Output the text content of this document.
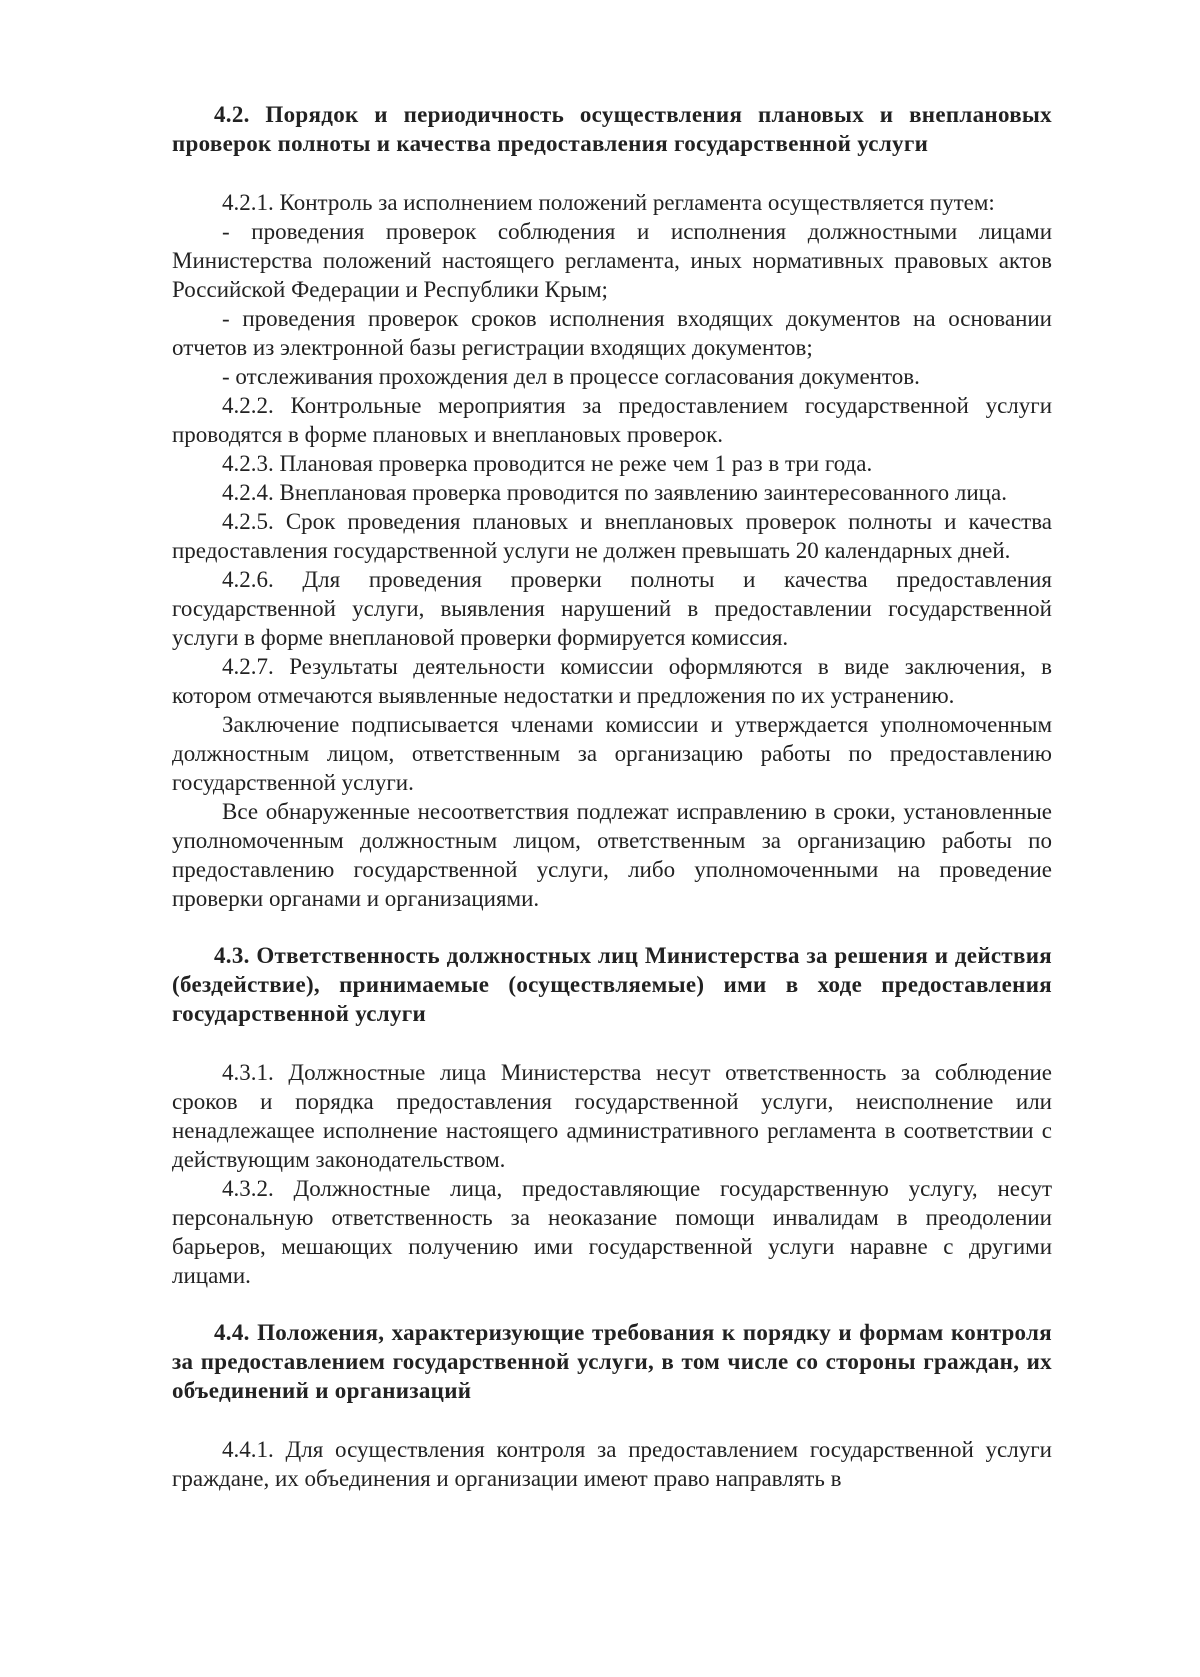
4.2. Порядок и периодичность осуществления плановых и внеплановых проверок полноты и качества предоставления государственной услуги

4.2.1. Контроль за исполнением положений регламента осуществляется путем:

- проведения проверок соблюдения и исполнения должностными лицами Министерства положений настоящего регламента, иных нормативных правовых актов Российской Федерации и Республики Крым;

- проведения проверок сроков исполнения входящих документов на основании отчетов из электронной базы регистрации входящих документов;

- отслеживания прохождения дел в процессе согласования документов.

4.2.2. Контрольные мероприятия за предоставлением государственной услуги проводятся в форме плановых и внеплановых проверок.

4.2.3. Плановая проверка проводится не реже чем 1 раз в три года.

4.2.4. Внеплановая проверка проводится по заявлению заинтересованного лица.

4.2.5. Срок проведения плановых и внеплановых проверок полноты и качества предоставления государственной услуги не должен превышать 20 календарных дней.

4.2.6. Для проведения проверки полноты и качества предоставления государственной услуги, выявления нарушений в предоставлении государственной услуги в форме внеплановой проверки формируется комиссия.

4.2.7. Результаты деятельности комиссии оформляются в виде заключения, в котором отмечаются выявленные недостатки и предложения по их устранению.

Заключение подписывается членами комиссии и утверждается уполномоченным должностным лицом, ответственным за организацию работы по предоставлению государственной услуги.

Все обнаруженные несоответствия подлежат исправлению в сроки, установленные уполномоченным должностным лицом, ответственным за организацию работы по предоставлению государственной услуги, либо уполномоченными на проведение проверки органами и организациями.

4.3. Ответственность должностных лиц Министерства за решения и действия (бездействие), принимаемые (осуществляемые) ими в ходе предоставления государственной услуги

4.3.1. Должностные лица Министерства несут ответственность за соблюдение сроков и порядка предоставления государственной услуги, неисполнение или ненадлежащее исполнение настоящего административного регламента в соответствии с действующим законодательством.

4.3.2. Должностные лица, предоставляющие государственную услугу, несут персональную ответственность за неоказание помощи инвалидам в преодолении барьеров, мешающих получению ими государственной услуги наравне с другими лицами.

4.4. Положения, характеризующие требования к порядку и формам контроля за предоставлением государственной услуги, в том числе со стороны граждан, их объединений и организаций

4.4.1. Для осуществления контроля за предоставлением государственной услуги граждане, их объединения и организации имеют право направлять в
